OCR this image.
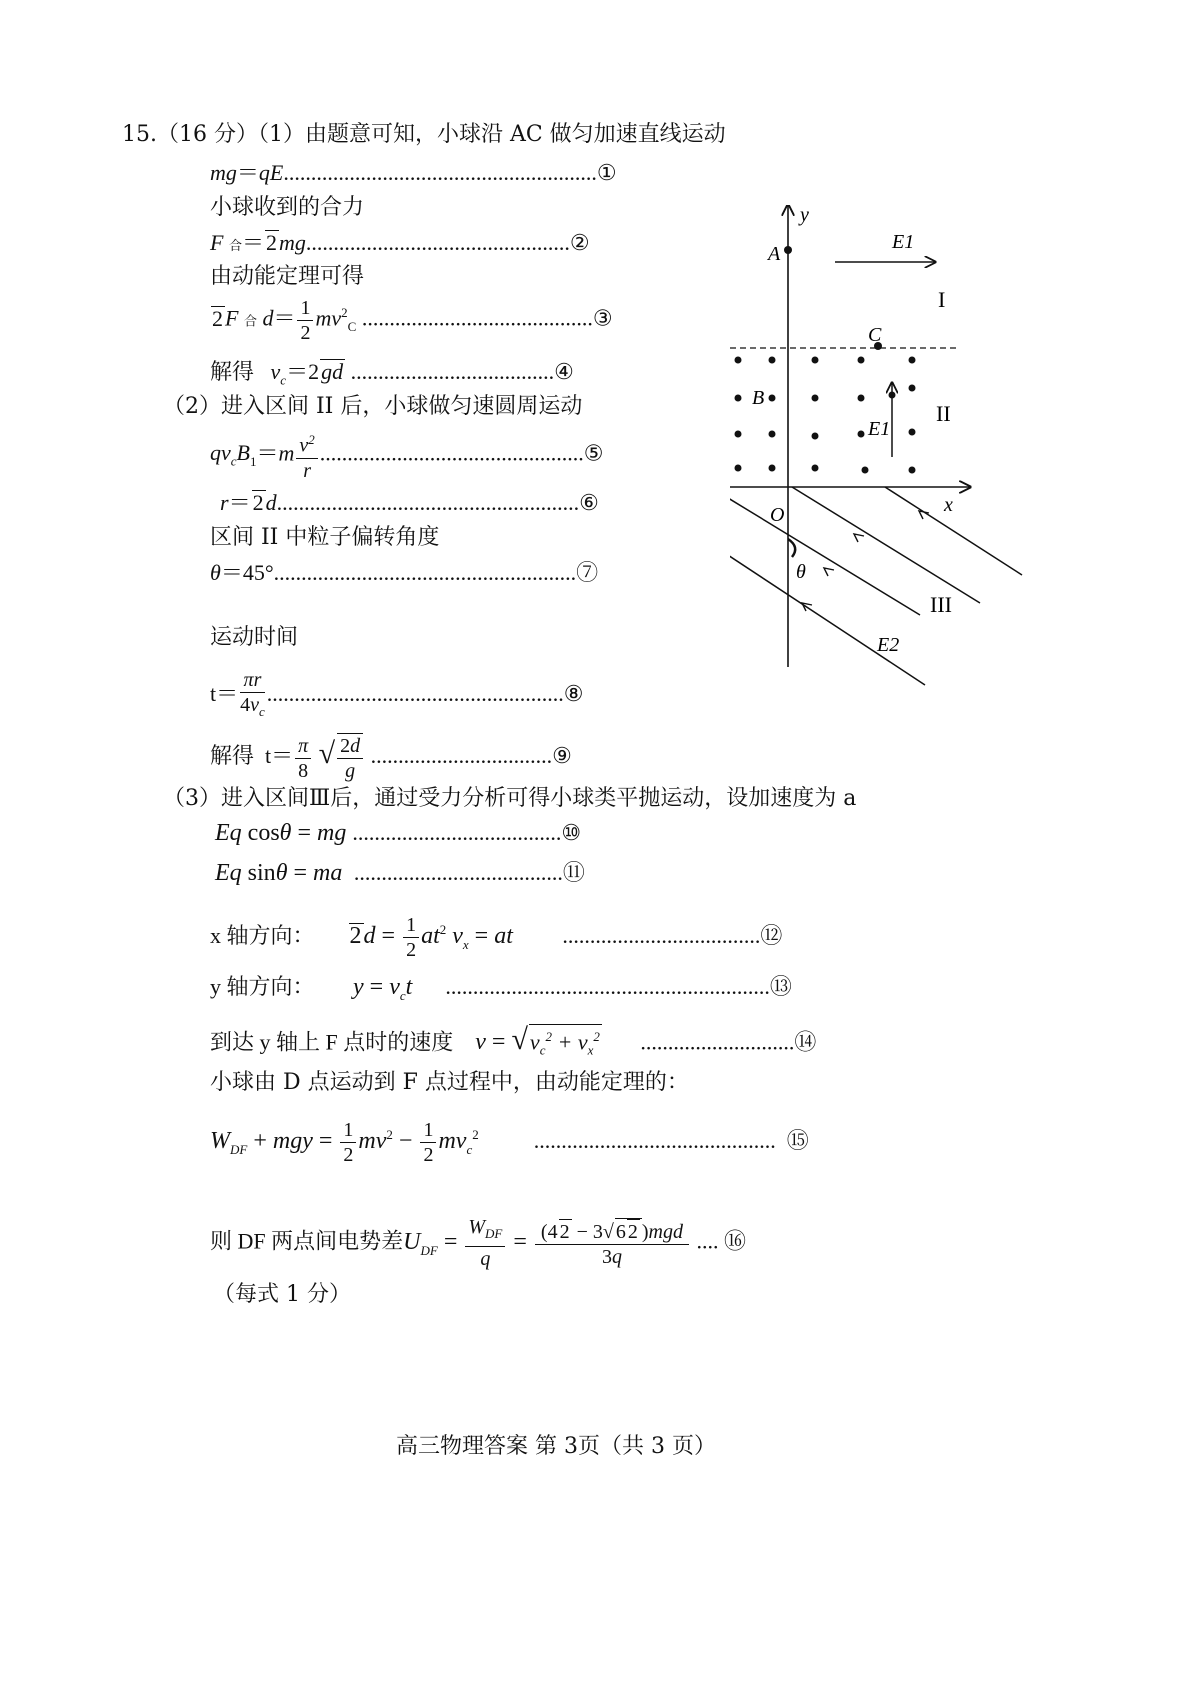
15.（16 分）（1）由题意可知，小球沿 AC 做匀加速直线运动
mg＝qE.........................................................①
小球收到的合力
F 合＝2mg................................................②
由动能定理可得
2F 合 $d= \frac{1}{2} mv^2_C$ ..........................................③
解得 $v_c=2gd$ .....................................④
（2）进入区间 II 后，小球做匀速圆周运动
$qv_cB_1=m \frac{v^2}{r}$ ................................................⑤
r＝2d.......................................................⑥
区间 II 中粒子偏转角度
θ＝45°.......................................................⑦
运动时间
$t= \frac{\pi r}{4v_c}$ ......................................................⑧
解得  $t= \frac{\pi}{8}$ √ $\frac{2d}{g}$ .................................⑨
（3）进入区间Ⅲ后，通过受力分析可得小球类平抛运动，设加速度为 a
Eq cosθ = mg ......................................⑩
Eq sinθ = ma  ......................................⑪
x 轴方向： $2d = \frac{1}{2} at^2$ $v_x$ = at         ....................................⑫
y 轴方向： $y = v_ct$      ...........................................................⑬
到达 y 轴上 F 点时的速度 $v = √v_c^2 + v_x^2$       ............................⑭
小球由 D 点运动到 F 点过程中，由动能定理的：
$W_{DF}$ + mgy = $\frac{1}{2} mv^2 - \frac{1}{2} mv_c^2$          ............................................  ⑮
则 DF 两点间电势差$U_{DF} = \frac{W_{DF}}{q} = \frac{\text{(4 2 − 3√ 6 2 )mgd}}{3q}$ .... ⑯
（每式 1 分）
y
x
O
A
E1
I
C
B
E1
II
θ
III
E2
高三物理答案 第 3页（共 3 页）
